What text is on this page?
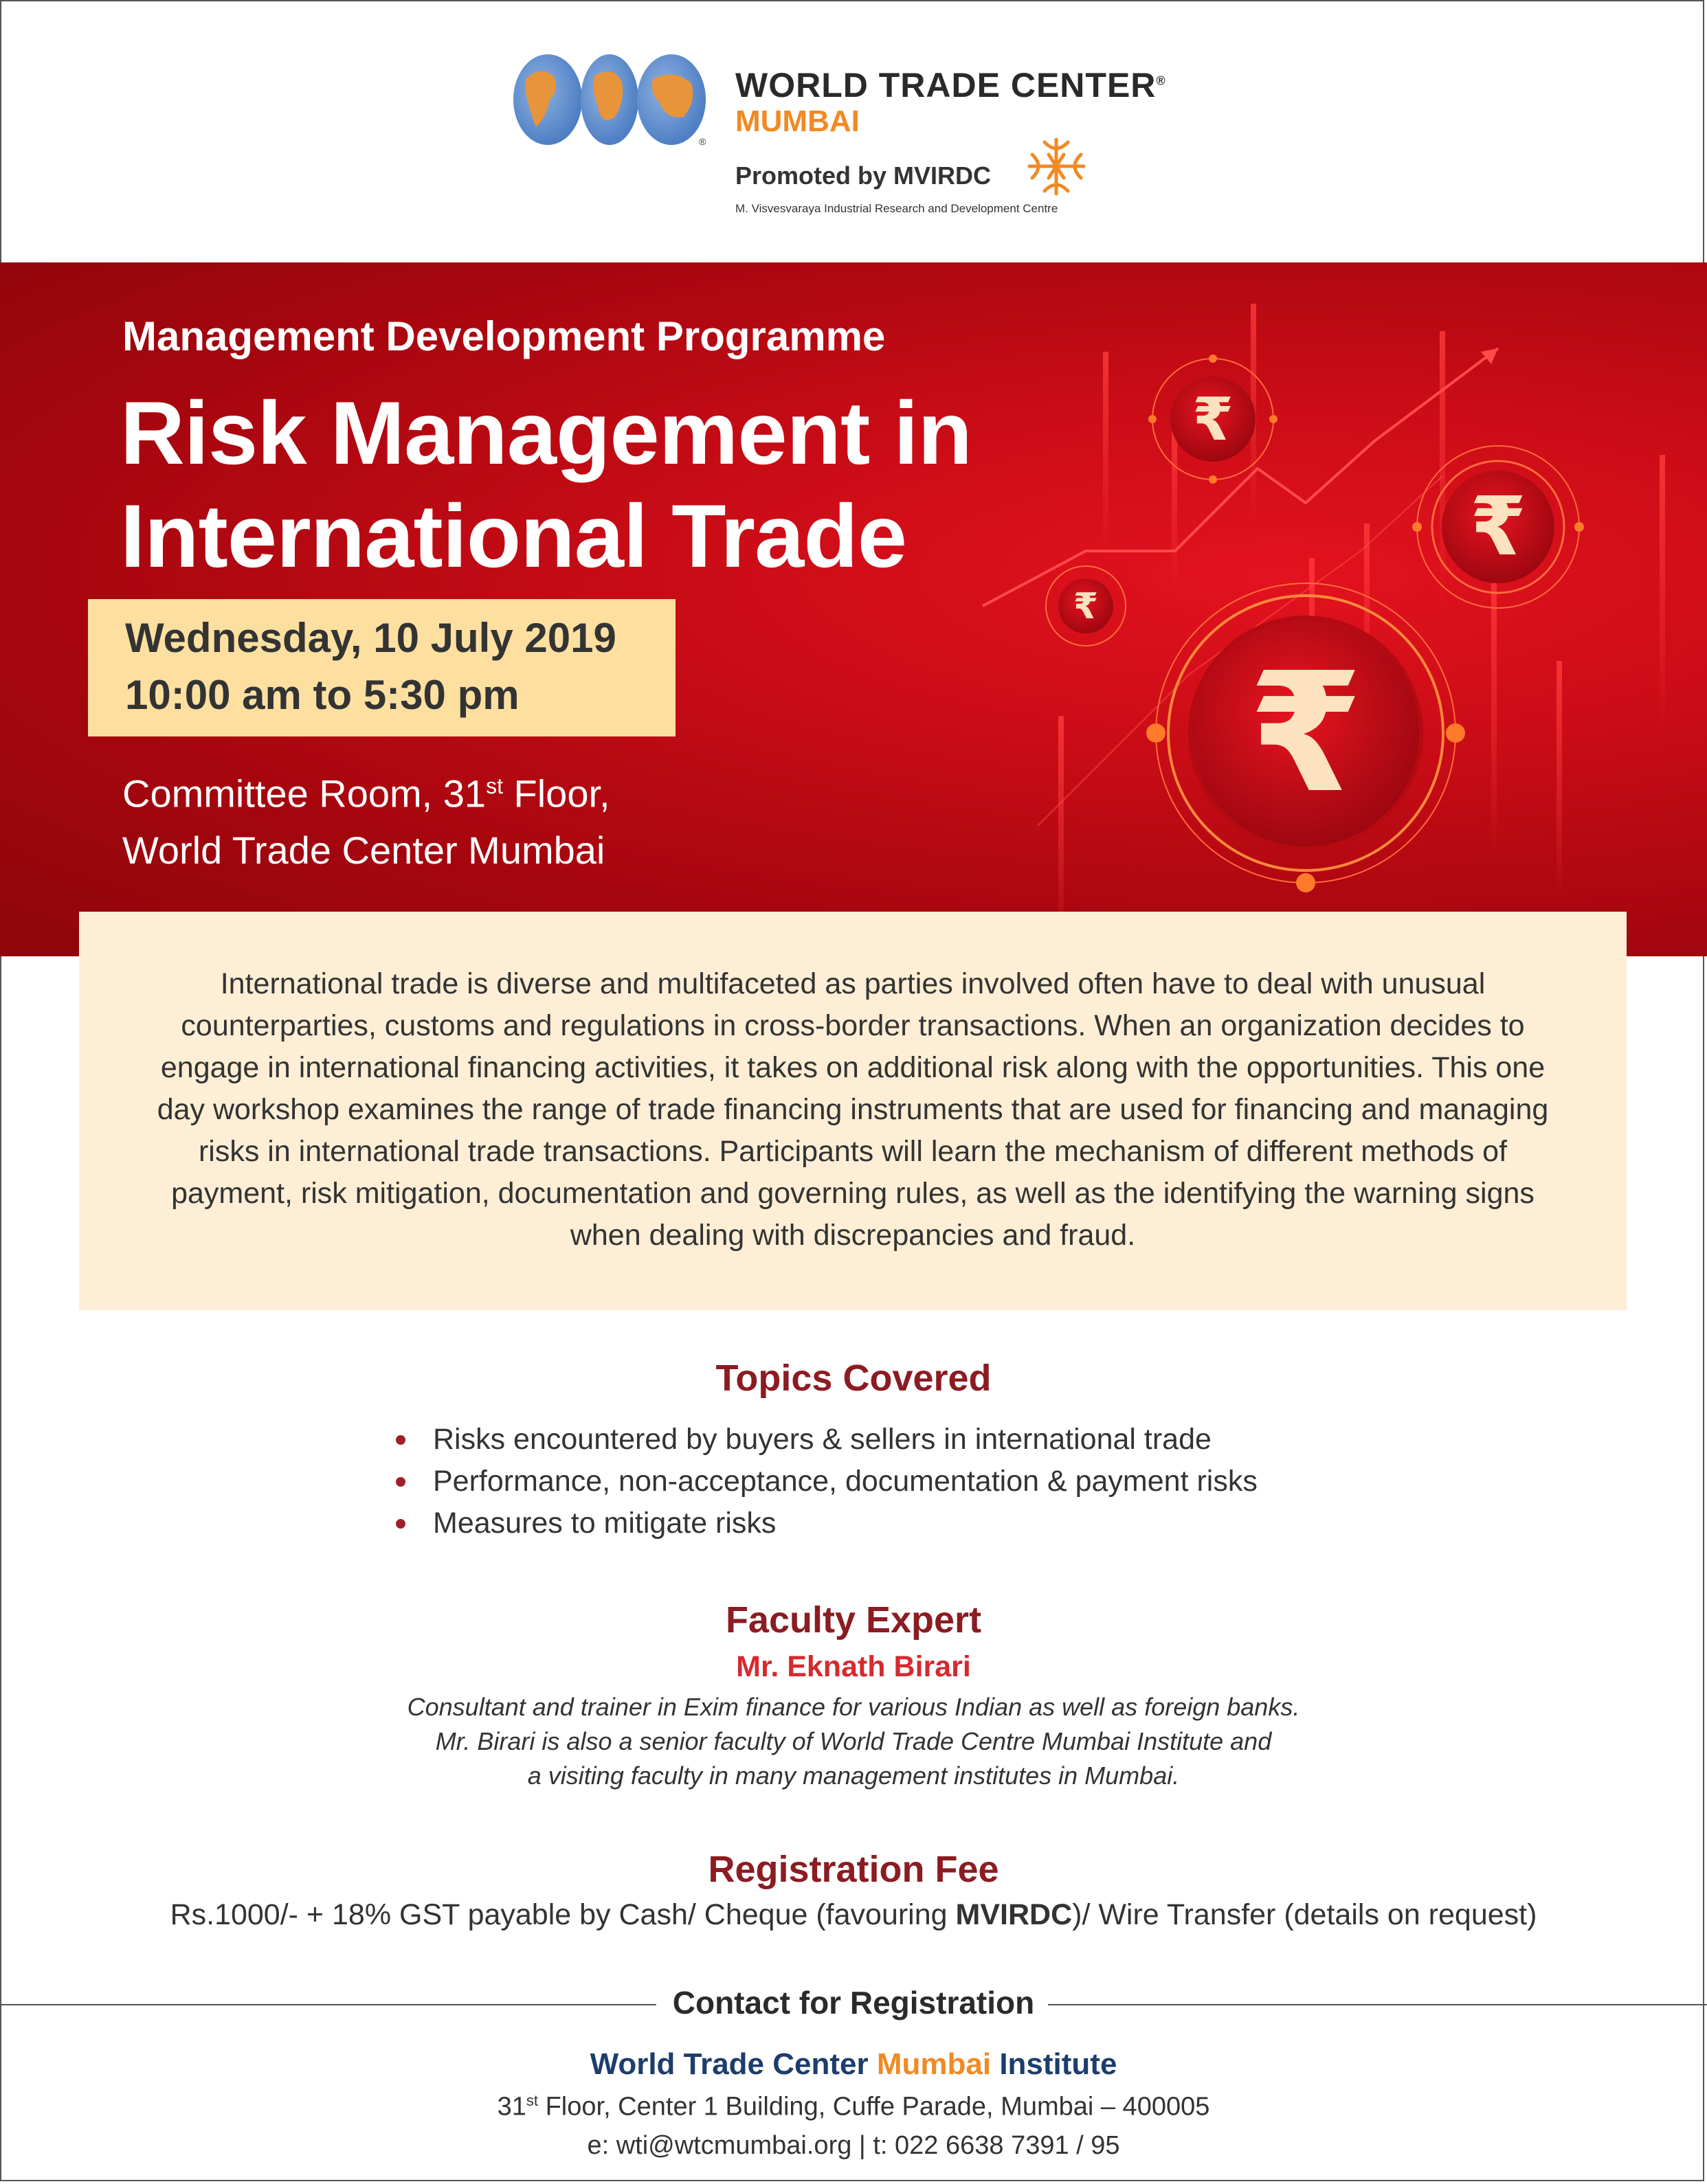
®
WORLD TRADE CENTER®
MUMBAI
Promoted by MVIRDC
M. Visvesvaraya Industrial Research and Development Centre
₹
₹
₹
₹
Management Development Programme
Risk Management in
International Trade
Wednesday, 10 July 2019
10:00 am to 5:30 pm
Committee Room, 31st Floor,
World Trade Center Mumbai
International trade is diverse and multifaceted as parties involved often have to deal with unusual counterparties, customs and regulations in cross-border transactions. When an organization decides to engage in international financing activities, it takes on additional risk along with the opportunities. This one day workshop examines the range of trade financing instruments that are used for financing and managing risks in international trade transactions. Participants will learn the mechanism of different methods of payment, risk mitigation, documentation and governing rules, as well as the identifying the warning signs when dealing with discrepancies and fraud.
Topics Covered
Risks encountered by buyers & sellers in international trade
Performance, non-acceptance, documentation & payment risks
Measures to mitigate risks
Faculty Expert
Mr. Eknath Birari
Consultant and trainer in Exim finance for various Indian as well as foreign banks.
Mr. Birari is also a senior faculty of World Trade Centre Mumbai Institute and
a visiting faculty in many management institutes in Mumbai.
Registration Fee
Rs.1000/- + 18% GST payable by Cash/ Cheque (favouring MVIRDC)/ Wire Transfer (details on request)
Contact for Registration
World Trade Center Mumbai Institute
31st Floor, Center 1 Building, Cuffe Parade, Mumbai – 400005
e: wti@wtcmumbai.org | t: 022 6638 7391 / 95
